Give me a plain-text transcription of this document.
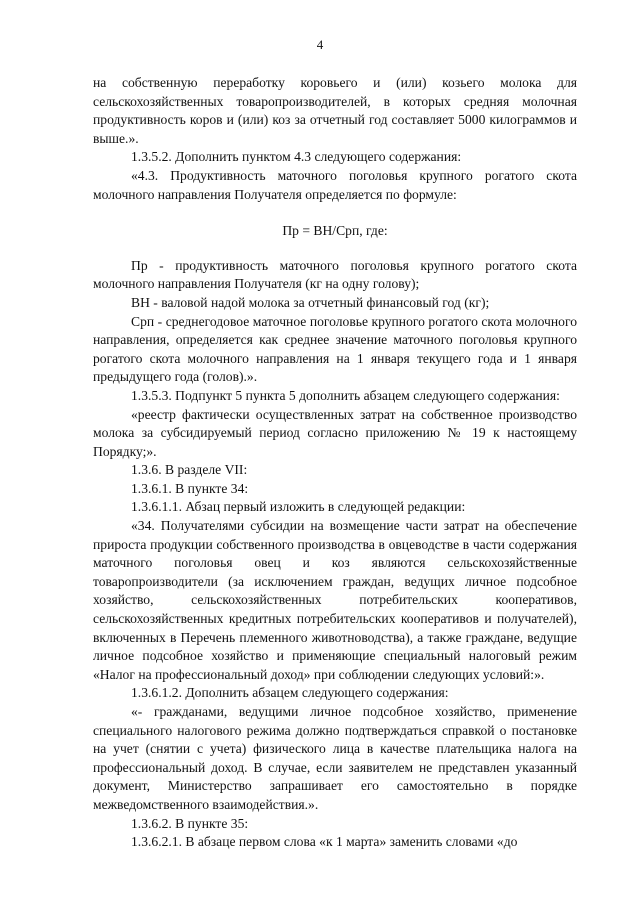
4

на собственную переработку коровьего и (или) козьего молока для сельскохозяйственных товаропроизводителей, в которых средняя молочная продуктивность коров и (или) коз за отчетный год составляет 5000 килограммов и выше.».

1.3.5.2. Дополнить пунктом 4.3 следующего содержания:

«4.3. Продуктивность маточного поголовья крупного рогатого скота молочного направления Получателя определяется по формуле:

Пр = ВН/Срп, где:

Пр - продуктивность маточного поголовья крупного рогатого скота молочного направления Получателя (кг на одну голову);

ВН - валовой надой молока за отчетный финансовый год (кг);

Срп - среднегодовое маточное поголовье крупного рогатого скота молочного направления, определяется как среднее значение маточного поголовья крупного рогатого скота молочного направления на 1 января текущего года и 1 января предыдущего года (голов).».

1.3.5.3. Подпункт 5 пункта 5 дополнить абзацем следующего содержания:

«реестр фактически осуществленных затрат на собственное производство молока за субсидируемый период согласно приложению № 19 к настоящему Порядку;».

1.3.6. В разделе VII:

1.3.6.1. В пункте 34:

1.3.6.1.1. Абзац первый изложить в следующей редакции:

«34. Получателями субсидии на возмещение части затрат на обеспечение прироста продукции собственного производства в овцеводстве в части содержания маточного поголовья овец и коз являются сельскохозяйственные товаропроизводители (за исключением граждан, ведущих личное подсобное хозяйство, сельскохозяйственных потребительских кооперативов, сельскохозяйственных кредитных потребительских кооперативов и получателей), включенных в Перечень племенного животноводства), а также граждане, ведущие личное подсобное хозяйство и применяющие специальный налоговый режим «Налог на профессиональный доход» при соблюдении следующих условий:».

1.3.6.1.2. Дополнить абзацем следующего содержания:

«- гражданами, ведущими личное подсобное хозяйство, применение специального налогового режима должно подтверждаться справкой о постановке на учет (снятии с учета) физического лица в качестве плательщика налога на профессиональный доход. В случае, если заявителем не представлен указанный документ, Министерство запрашивает его самостоятельно в порядке межведомственного взаимодействия.».

1.3.6.2. В пункте 35:

1.3.6.2.1. В абзаце первом слова «к 1 марта» заменить словами «до
